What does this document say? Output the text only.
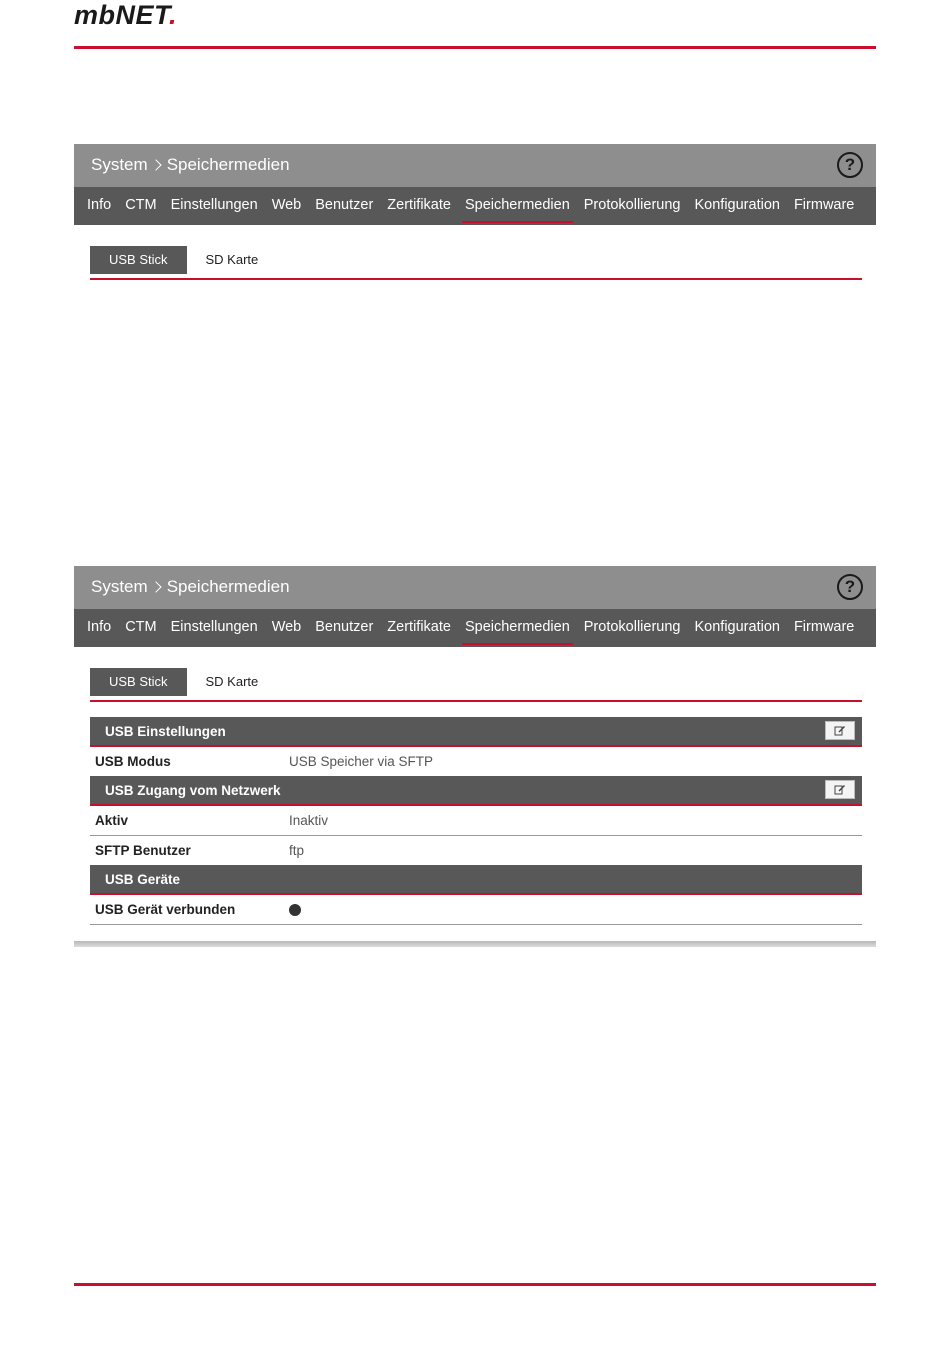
mbNET.
System Speichermedien	?
Info CTM Einstellungen Web Benutzer Zertifikate Speichermedien Protokollierung Konfiguration Firmware
USB Stick	SD Karte
System Speichermedien	?
Info CTM Einstellungen Web Benutzer Zertifikate Speichermedien Protokollierung Konfiguration Firmware
USB Stick	SD Karte
USB Einstellungen
USB Modus	USB Speicher via SFTP
USB Zugang vom Netzwerk
Aktiv	Inaktiv
SFTP Benutzer	ftp
USB Geräte
USB Gerät verbunden
